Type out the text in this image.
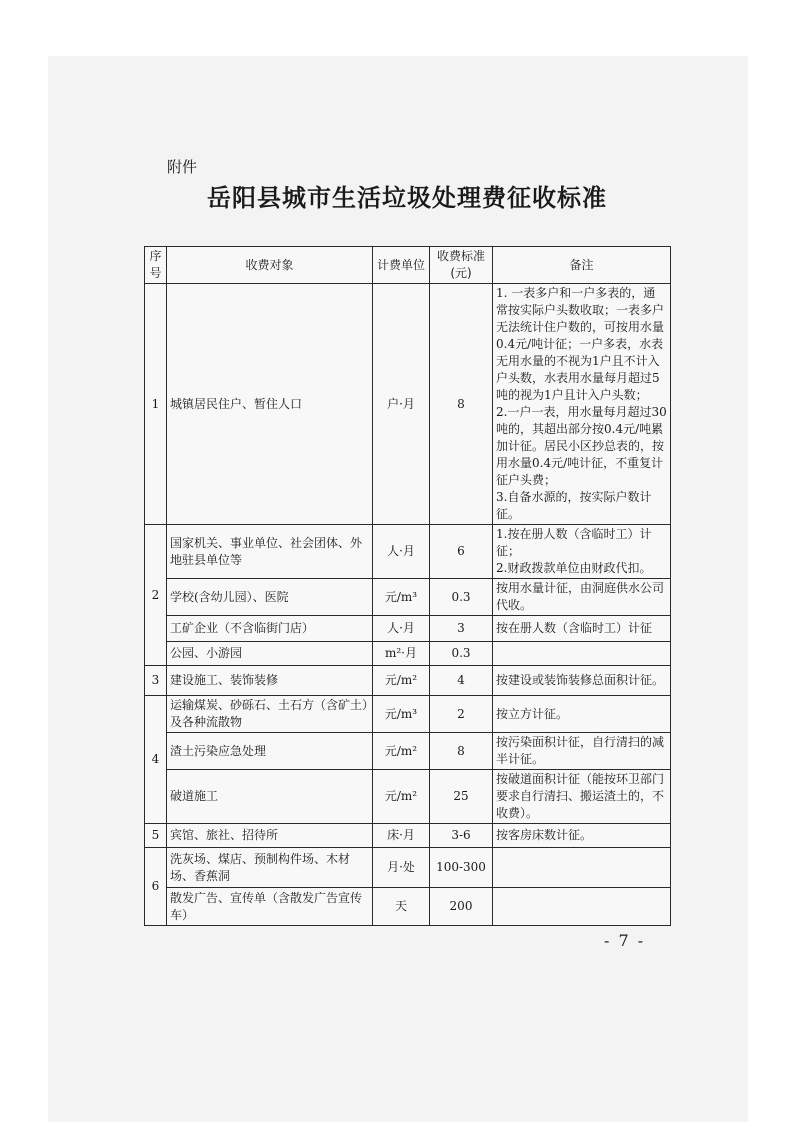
附件
岳阳县城市生活垃圾处理费征收标准
序号	收费对象	计费单位	收费标准(元)	备注
1	城镇居民住户、暂住人口	户·月	8	1. 一表多户和一户多表的，通常按实际户头数收取；一表多户无法统计住户数的，可按用水量0.4元/吨计征；一户多表，水表无用水量的不视为1户且不计入户头数，水表用水量每月超过5吨的视为1户且计入户头数；
2.一户一表，用水量每月超过30吨的，其超出部分按0.4元/吨累加计征。居民小区抄总表的，按用水量0.4元/吨计征，不重复计征户头费；
3.自备水源的，按实际户数计征。
2	国家机关、事业单位、社会团体、外地驻县单位等	人·月	6	1.按在册人数（含临时工）计征；
2.财政拨款单位由财政代扣。
	学校(含幼儿园）、医院	元/m³	0.3	按用水量计征，由洞庭供水公司代收。
	工矿企业（不含临街门店）	人·月	3	按在册人数（含临时工）计征
	公园、小游园	m²·月	0.3	
3	建设施工、装饰装修	元/m²	4	按建设或装饰装修总面积计征。
4	运输煤炭、砂砾石、土石方（含矿土）及各种流散物	元/m³	2	按立方计征。
	渣土污染应急处理	元/m²	8	按污染面积计征，自行清扫的减半计征。
	破道施工	元/m²	25	按破道面积计征（能按环卫部门要求自行清扫、搬运渣土的，不收费）。
5	宾馆、旅社、招待所	床·月	3-6	按客房床数计征。
6	洗灰场、煤店、预制构件场、木材场、香蕉洞	月·处	100-300	
	散发广告、宣传单（含散发广告宣传车）	天	200	
- 7 -
